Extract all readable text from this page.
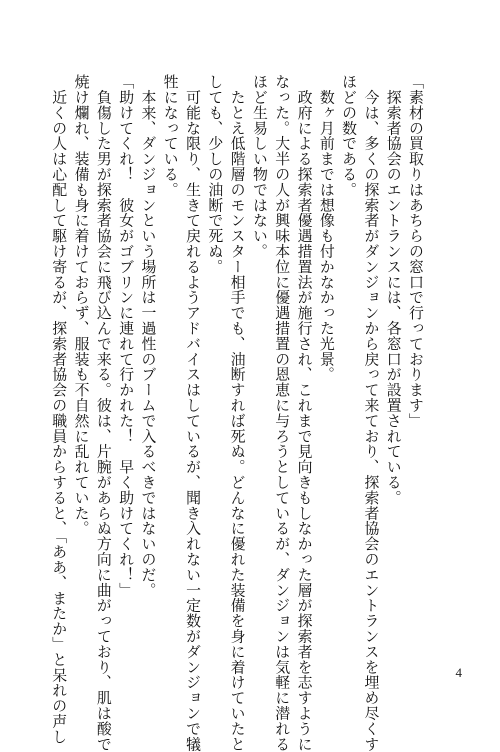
「素材の買取りはあちらの窓口で行っております」

　探索者協会のエントランスには、各窓口が設置されている。

　今は、多くの探索者がダンジョンから戻って来ており、探索者協会のエントランスを埋め尽くす

ほどの数である。

　数ヶ月前までは想像も付かなかった光景。

　政府による探索者優遇措置法が施行され、これまで見向きもしなかった層が探索者を志すように

なった。大半の人が興味本位に優遇措置の恩恵に与ろうとしているが、ダンジョンは気軽に潜れる

ほど生易しい物ではない。

　たとえ低階層のモンスター相手でも、油断すれば死ぬ。どんなに優れた装備を身に着けていたと

しても、少しの油断で死ぬ。

　可能な限り、生きて戻れるようアドバイスはしているが、聞き入れない一定数がダンジョンで犠

牲になっている。

　本来、ダンジョンという場所は一過性のブームで入るべきではないのだ。

「助けてくれ！　彼女がゴブリンに連れて行かれた！　早く助けてくれ！」

　負傷した男が探索者協会に飛び込んで来る。彼は、片腕があらぬ方向に曲がっており、肌は酸で

焼け爛れ、装備も身に着けておらず、服装も不自然に乱れていた。

　近くの人は心配して駆け寄るが、探索者協会の職員からすると、「ああ、またか」と呆れの声し	4
